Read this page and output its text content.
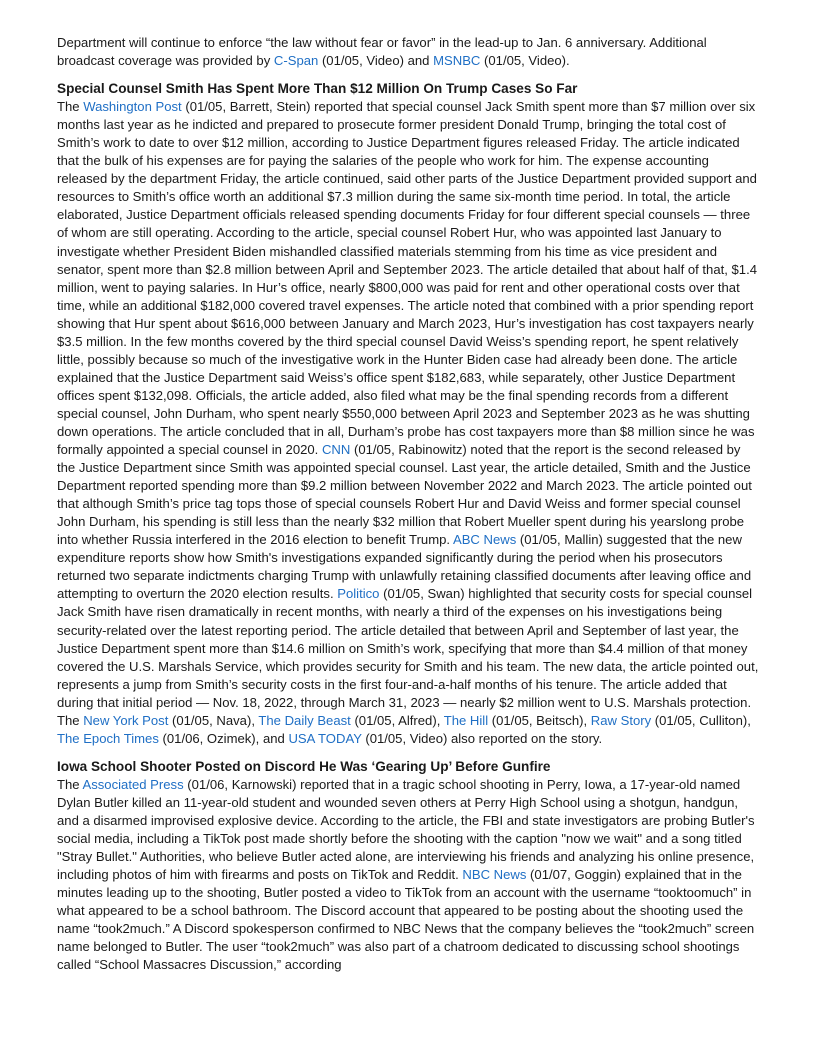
Department will continue to enforce “the law without fear or favor” in the lead-up to Jan. 6 anniversary. Additional broadcast coverage was provided by C-Span (01/05, Video) and MSNBC (01/05, Video).

Special Counsel Smith Has Spent More Than $12 Million On Trump Cases So Far

The Washington Post (01/05, Barrett, Stein) reported that special counsel Jack Smith spent more than $7 million over six months last year as he indicted and prepared to prosecute former president Donald Trump, bringing the total cost of Smith’s work to date to over $12 million, according to Justice Department figures released Friday. The article indicated that the bulk of his expenses are for paying the salaries of the people who work for him. The expense accounting released by the department Friday, the article continued, said other parts of the Justice Department provided support and resources to Smith’s office worth an additional $7.3 million during the same six-month time period. In total, the article elaborated, Justice Department officials released spending documents Friday for four different special counsels — three of whom are still operating. According to the article, special counsel Robert Hur, who was appointed last January to investigate whether President Biden mishandled classified materials stemming from his time as vice president and senator, spent more than $2.8 million between April and September 2023. The article detailed that about half of that, $1.4 million, went to paying salaries. In Hur’s office, nearly $800,000 was paid for rent and other operational costs over that time, while an additional $182,000 covered travel expenses. The article noted that combined with a prior spending report showing that Hur spent about $616,000 between January and March 2023, Hur’s investigation has cost taxpayers nearly $3.5 million. In the few months covered by the third special counsel David Weiss’s spending report, he spent relatively little, possibly because so much of the investigative work in the Hunter Biden case had already been done. The article explained that the Justice Department said Weiss’s office spent $182,683, while separately, other Justice Department offices spent $132,098. Officials, the article added, also filed what may be the final spending records from a different special counsel, John Durham, who spent nearly $550,000 between April 2023 and September 2023 as he was shutting down operations. The article concluded that in all, Durham’s probe has cost taxpayers more than $8 million since he was formally appointed a special counsel in 2020. CNN (01/05, Rabinowitz) noted that the report is the second released by the Justice Department since Smith was appointed special counsel. Last year, the article detailed, Smith and the Justice Department reported spending more than $9.2 million between November 2022 and March 2023. The article pointed out that although Smith’s price tag tops those of special counsels Robert Hur and David Weiss and former special counsel John Durham, his spending is still less than the nearly $32 million that Robert Mueller spent during his yearslong probe into whether Russia interfered in the 2016 election to benefit Trump. ABC News (01/05, Mallin) suggested that the new expenditure reports show how Smith's investigations expanded significantly during the period when his prosecutors returned two separate indictments charging Trump with unlawfully retaining classified documents after leaving office and attempting to overturn the 2020 election results. Politico (01/05, Swan) highlighted that security costs for special counsel Jack Smith have risen dramatically in recent months, with nearly a third of the expenses on his investigations being security-related over the latest reporting period. The article detailed that between April and September of last year, the Justice Department spent more than $14.6 million on Smith’s work, specifying that more than $4.4 million of that money covered the U.S. Marshals Service, which provides security for Smith and his team. The new data, the article pointed out, represents a jump from Smith’s security costs in the first four-and-a-half months of his tenure. The article added that during that initial period — Nov. 18, 2022, through March 31, 2023 — nearly $2 million went to U.S. Marshals protection. The New York Post (01/05, Nava), The Daily Beast (01/05, Alfred), The Hill (01/05, Beitsch), Raw Story (01/05, Culliton), The Epoch Times (01/06, Ozimek), and USA TODAY (01/05, Video) also reported on the story.

Iowa School Shooter Posted on Discord He Was ‘Gearing Up’ Before Gunfire

The Associated Press (01/06, Karnowski) reported that in a tragic school shooting in Perry, Iowa, a 17-year-old named Dylan Butler killed an 11-year-old student and wounded seven others at Perry High School using a shotgun, handgun, and a disarmed improvised explosive device. According to the article, the FBI and state investigators are probing Butler's social media, including a TikTok post made shortly before the shooting with the caption "now we wait" and a song titled "Stray Bullet." Authorities, who believe Butler acted alone, are interviewing his friends and analyzing his online presence, including photos of him with firearms and posts on TikTok and Reddit. NBC News (01/07, Goggin) explained that in the minutes leading up to the shooting, Butler posted a video to TikTok from an account with the username “tooktoomuch” in what appeared to be a school bathroom. The Discord account that appeared to be posting about the shooting used the name “took2much.” A Discord spokesperson confirmed to NBC News that the company believes the “took2much” screen name belonged to Butler. The user “took2much” was also part of a chatroom dedicated to discussing school shootings called “School Massacres Discussion,” according
